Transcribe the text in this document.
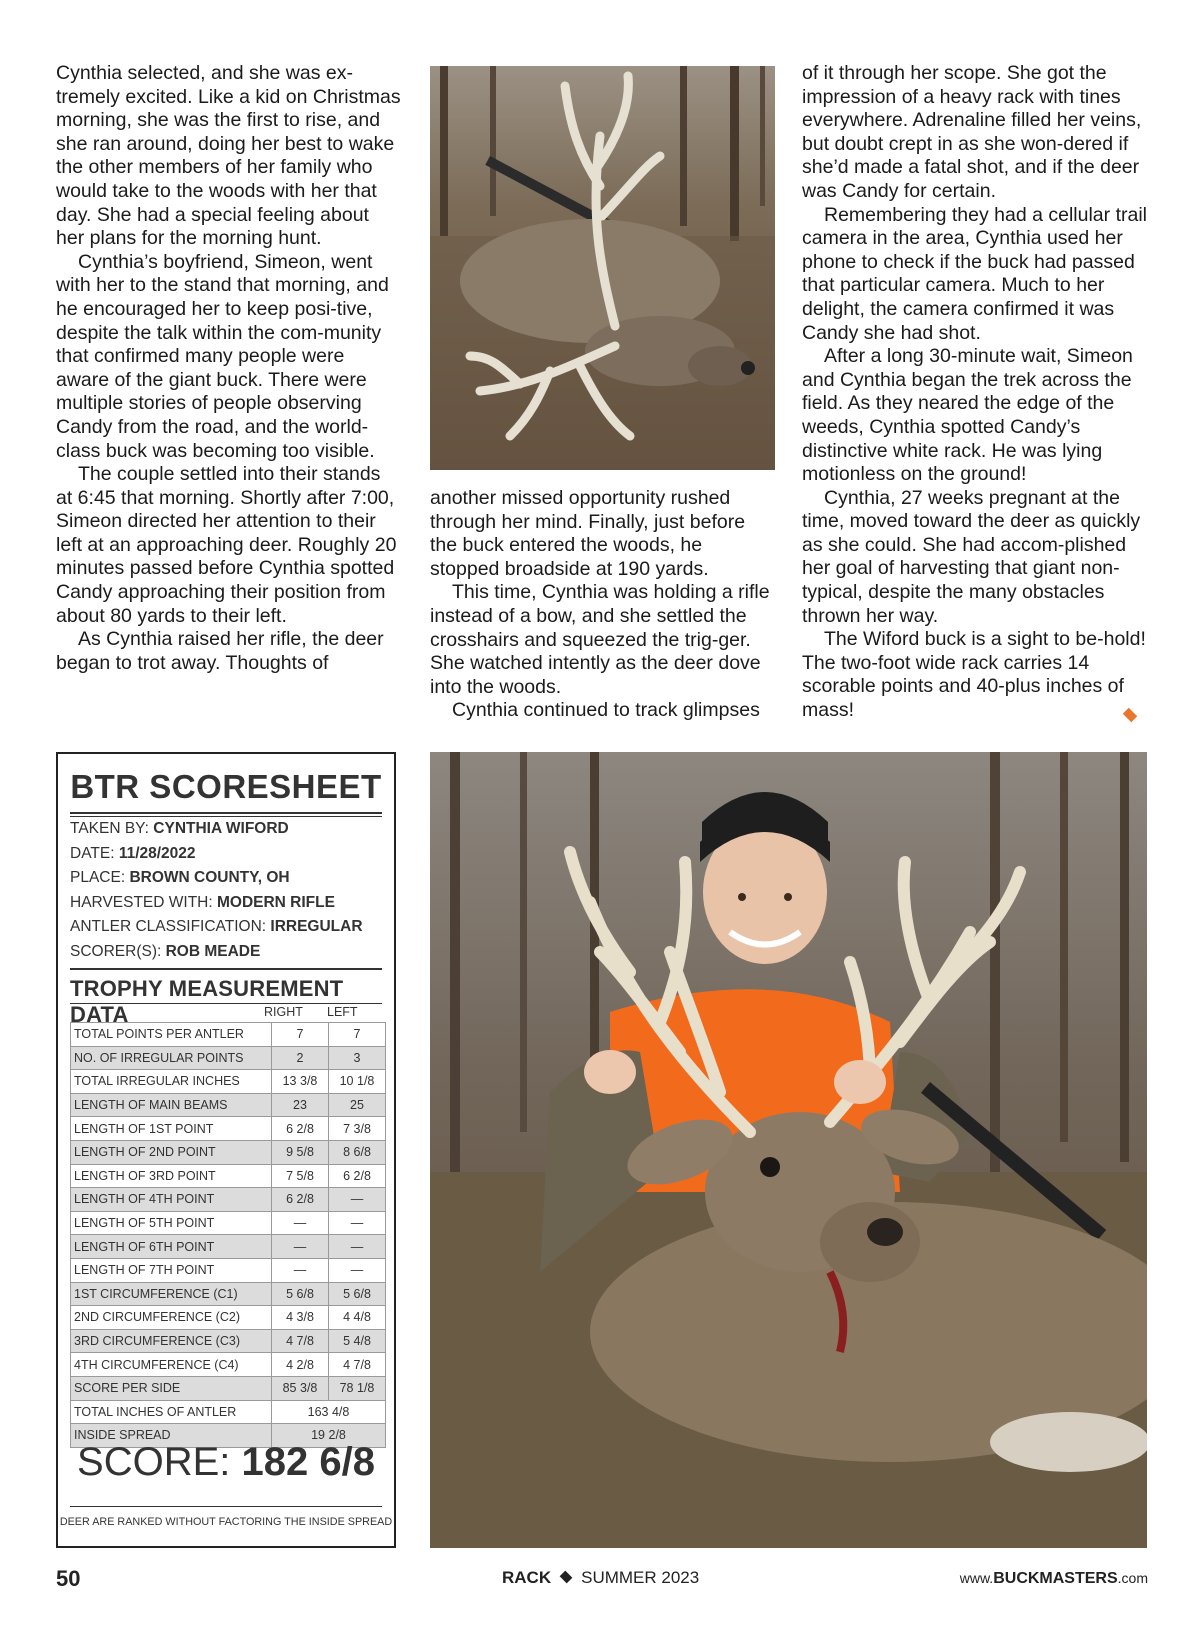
Cynthia selected, and she was ex-tremely excited. Like a kid on Christmas morning, she was the first to rise, and she ran around, doing her best to wake the other members of her family who would take to the woods with her that day. She had a special feeling about her plans for the morning hunt.

Cynthia’s boyfriend, Simeon, went with her to the stand that morning, and he encouraged her to keep posi-tive, despite the talk within the com-munity that confirmed many people were aware of the giant buck. There were multiple stories of people observing Candy from the road, and the world-class buck was becoming too visible.

The couple settled into their stands at 6:45 that morning. Shortly after 7:00, Simeon directed her attention to their left at an approaching deer. Roughly 20 minutes passed before Cynthia spotted Candy approaching their position from about 80 yards to their left.

As Cynthia raised her rifle, the deer began to trot away. Thoughts of

another missed opportunity rushed through her mind. Finally, just before the buck entered the woods, he stopped broadside at 190 yards.

This time, Cynthia was holding a rifle instead of a bow, and she settled the crosshairs and squeezed the trig-ger. She watched intently as the deer dove into the woods.

Cynthia continued to track glimpses

of it through her scope. She got the impression of a heavy rack with tines everywhere. Adrenaline filled her veins, but doubt crept in as she won-dered if she’d made a fatal shot, and if the deer was Candy for certain.

Remembering they had a cellular trail camera in the area, Cynthia used her phone to check if the buck had passed that particular camera. Much to her delight, the camera confirmed it was Candy she had shot.

After a long 30-minute wait, Simeon and Cynthia began the trek across the field. As they neared the edge of the weeds, Cynthia spotted Candy’s distinctive white rack. He was lying motionless on the ground!

Cynthia, 27 weeks pregnant at the time, moved toward the deer as quickly as she could. She had accom-plished her goal of harvesting that giant non-typical, despite the many obstacles thrown her way.

The Wiford buck is a sight to be-hold! The two-foot wide rack carries 14 scorable points and 40-plus inches of mass!

BTR SCORESHEET
TAKEN BY: CYNTHIA WIFORD
DATE: 11/28/2022
PLACE: BROWN COUNTY, OH
HARVESTED WITH: MODERN RIFLE
ANTLER CLASSIFICATION: IRREGULAR
SCORER(S): ROB MEADE
TROPHY MEASUREMENT DATA	RIGHT LEFT
TOTAL POINTS PER ANTLER	7	7
NO. OF IRREGULAR POINTS	2	3
TOTAL IRREGULAR INCHES	13 3/8	10 1/8
LENGTH OF MAIN BEAMS	23	25
LENGTH OF 1ST POINT	6 2/8	7 3/8
LENGTH OF 2ND POINT	9 5/8	8 6/8
LENGTH OF 3RD POINT	7 5/8	6 2/8
LENGTH OF 4TH POINT	6 2/8	—
LENGTH OF 5TH POINT	—	—
LENGTH OF 6TH POINT	—	—
LENGTH OF 7TH POINT	—	—
1ST CIRCUMFERENCE (C1)	5 6/8	5 6/8
2ND CIRCUMFERENCE (C2)	4 3/8	4 4/8
3RD CIRCUMFERENCE (C3)	4 7/8	5 4/8
4TH CIRCUMFERENCE (C4)	4 2/8	4 7/8
SCORE PER SIDE	85 3/8	78 1/8
TOTAL INCHES OF ANTLER	163 4/8	
INSIDE SPREAD	19 2/8	
SCORE: 182 6/8
DEER ARE RANKED WITHOUT FACTORING THE INSIDE SPREAD
50	RACK SUMMER 2023	www.BUCKMASTERS.com
